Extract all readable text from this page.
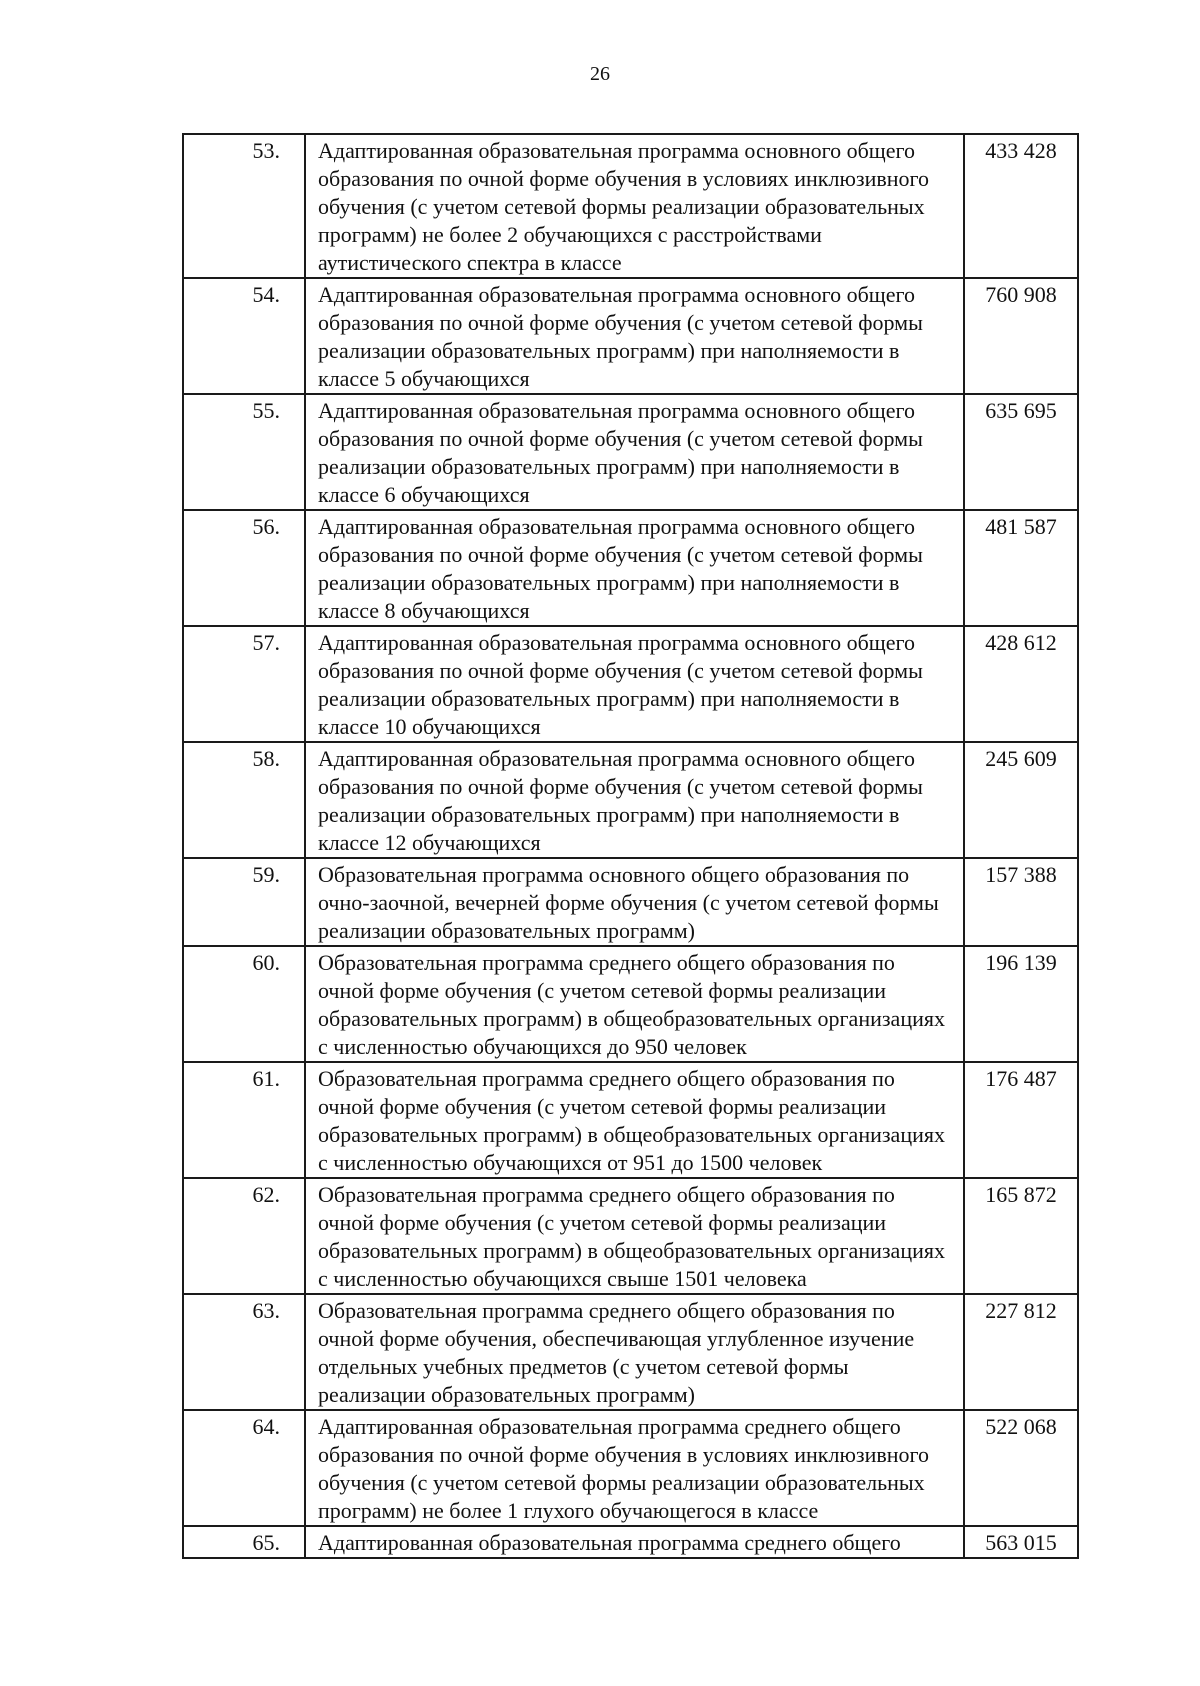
26
53.	Адаптированная образовательная программа основного общего образования по очной форме обучения в условиях инклюзивного обучения (с учетом сетевой формы реализации образовательных программ) не более 2 обучающихся с расстройствами аутистического спектра в классе	433 428
54.	Адаптированная образовательная программа основного общего образования по очной форме обучения (с учетом сетевой формы реализации образовательных программ) при наполняемости в классе 5 обучающихся	760 908
55.	Адаптированная образовательная программа основного общего образования по очной форме обучения (с учетом сетевой формы реализации образовательных программ) при наполняемости в классе 6 обучающихся	635 695
56.	Адаптированная образовательная программа основного общего образования по очной форме обучения (с учетом сетевой формы реализации образовательных программ) при наполняемости в классе 8 обучающихся	481 587
57.	Адаптированная образовательная программа основного общего образования по очной форме обучения (с учетом сетевой формы реализации образовательных программ) при наполняемости в классе 10 обучающихся	428 612
58.	Адаптированная образовательная программа основного общего образования по очной форме обучения (с учетом сетевой формы реализации образовательных программ) при наполняемости в классе 12 обучающихся	245 609
59.	Образовательная программа основного общего образования по очно-заочной, вечерней форме обучения (с учетом сетевой формы реализации образовательных программ)	157 388
60.	Образовательная программа среднего общего образования по очной форме обучения (с учетом сетевой формы реализации образовательных программ) в общеобразовательных организациях с численностью обучающихся до 950 человек	196 139
61.	Образовательная программа среднего общего образования по очной форме обучения (с учетом сетевой формы реализации образовательных программ) в общеобразовательных организациях с численностью обучающихся от 951 до 1500 человек	176 487
62.	Образовательная программа среднего общего образования по очной форме обучения (с учетом сетевой формы реализации образовательных программ) в общеобразовательных организациях с численностью обучающихся свыше 1501 человека	165 872
63.	Образовательная программа среднего общего образования по очной форме обучения, обеспечивающая углубленное изучение отдельных учебных предметов (с учетом сетевой формы реализации образовательных программ)	227 812
64.	Адаптированная образовательная программа среднего общего образования по очной форме обучения в условиях инклюзивного обучения (с учетом сетевой формы реализации образовательных программ) не более 1 глухого обучающегося в классе	522 068
65.	Адаптированная образовательная программа среднего общего	563 015
